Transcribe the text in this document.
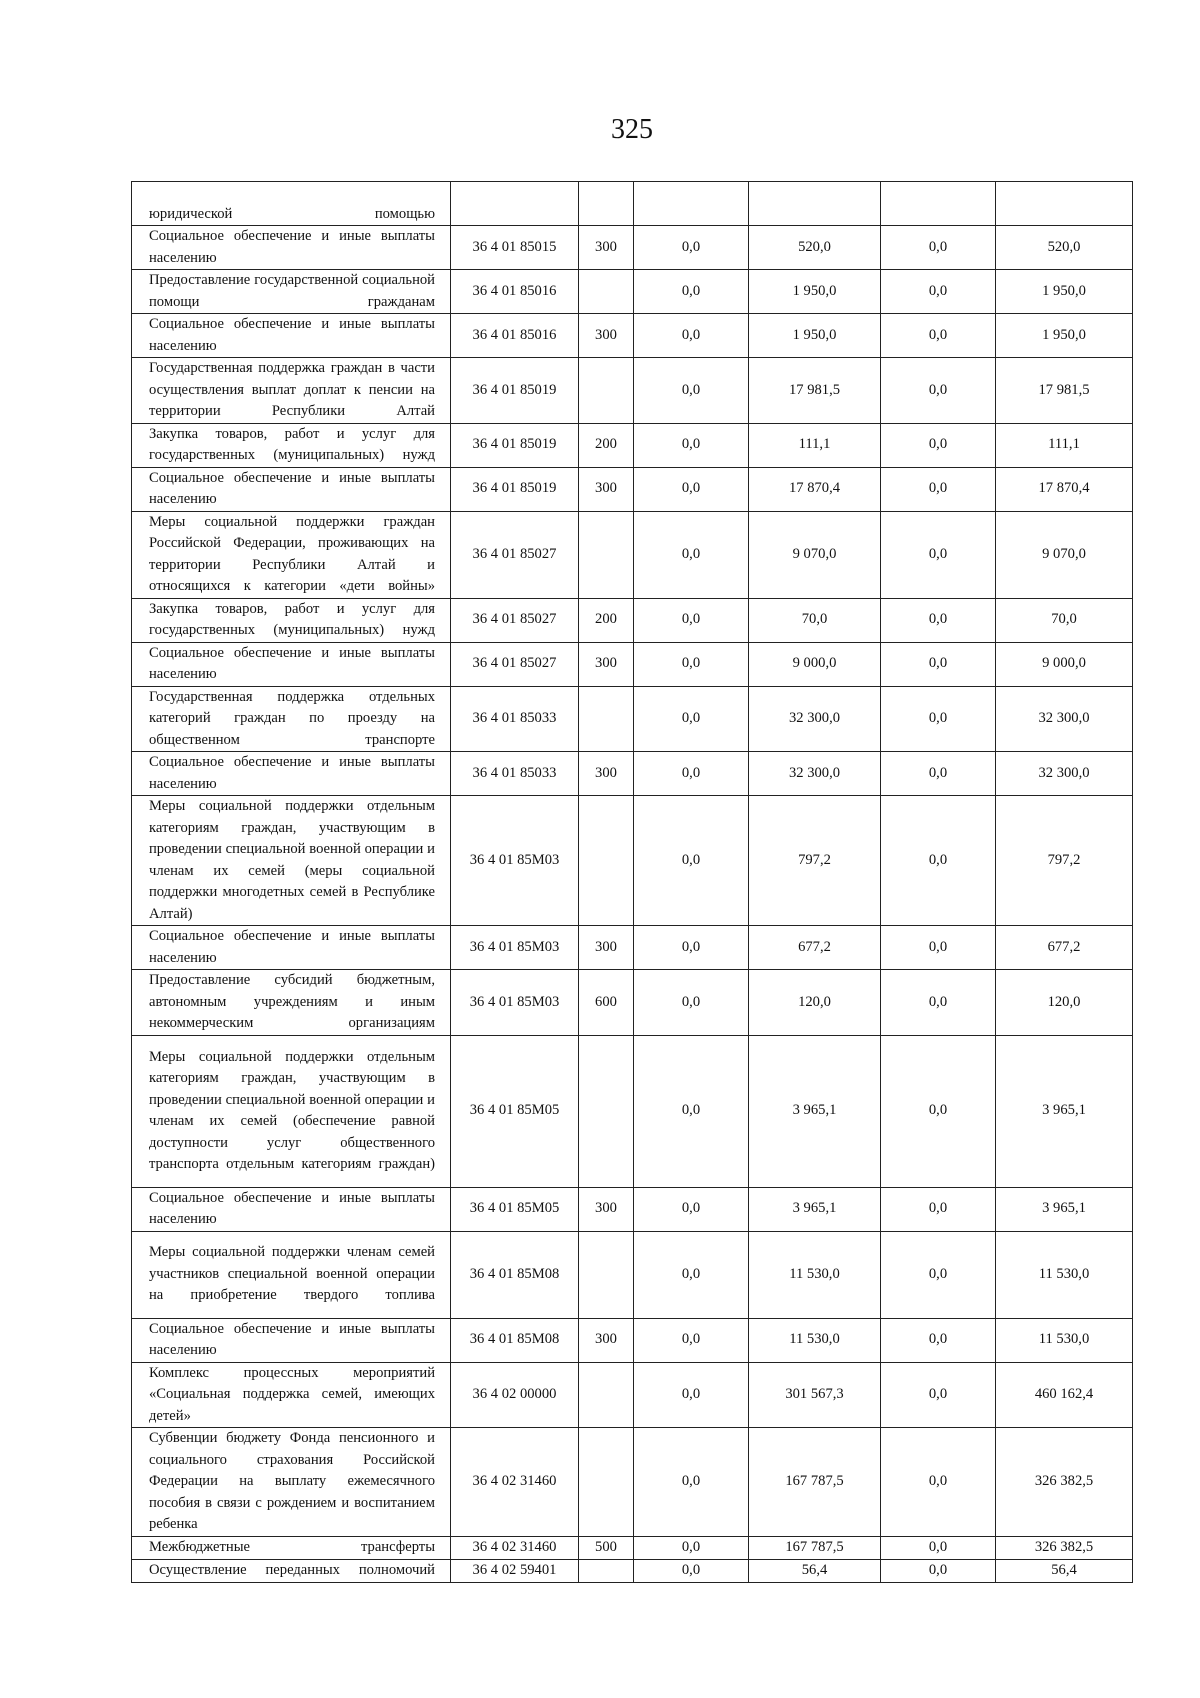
325
юридической помощью						
Социальное обеспечение и иные выплаты населению	36 4 01 85015	300	0,0	520,0	0,0	520,0
Предоставление государственной социальной помощи гражданам	36 4 01 85016		0,0	1 950,0	0,0	1 950,0
Социальное обеспечение и иные выплаты населению	36 4 01 85016	300	0,0	1 950,0	0,0	1 950,0
Государственная поддержка граждан в части осуществления выплат доплат к пенсии на территории Республики Алтай	36 4 01 85019		0,0	17 981,5	0,0	17 981,5
Закупка товаров, работ и услуг для государственных (муниципальных) нужд	36 4 01 85019	200	0,0	111,1	0,0	111,1
Социальное обеспечение и иные выплаты населению	36 4 01 85019	300	0,0	17 870,4	0,0	17 870,4
Меры социальной поддержки граждан Российской Федерации, проживающих на территории Республики Алтай и относящихся к категории «дети войны»	36 4 01 85027		0,0	9 070,0	0,0	9 070,0
Закупка товаров, работ и услуг для государственных (муниципальных) нужд	36 4 01 85027	200	0,0	70,0	0,0	70,0
Социальное обеспечение и иные выплаты населению	36 4 01 85027	300	0,0	9 000,0	0,0	9 000,0
Государственная поддержка отдельных категорий граждан по проезду на общественном транспорте	36 4 01 85033		0,0	32 300,0	0,0	32 300,0
Социальное обеспечение и иные выплаты населению	36 4 01 85033	300	0,0	32 300,0	0,0	32 300,0
Меры социальной поддержки отдельным категориям граждан, участвующим в проведении специальной военной операции и членам их семей (меры социальной поддержки многодетных семей в Республике Алтай)	36 4 01 85М03		0,0	797,2	0,0	797,2
Социальное обеспечение и иные выплаты населению	36 4 01 85М03	300	0,0	677,2	0,0	677,2
Предоставление субсидий бюджетным, автономным учреждениям и иным некоммерческим организациям	36 4 01 85М03	600	0,0	120,0	0,0	120,0
Меры социальной поддержки отдельным категориям граждан, участвующим в проведении специальной военной операции и членам их семей (обеспечение равной доступности услуг общественного транспорта отдельным категориям граждан)	36 4 01 85М05		0,0	3 965,1	0,0	3 965,1
Социальное обеспечение и иные выплаты населению	36 4 01 85М05	300	0,0	3 965,1	0,0	3 965,1
Меры социальной поддержки членам семей участников специальной военной операции на приобретение твердого топлива	36 4 01 85М08		0,0	11 530,0	0,0	11 530,0
Социальное обеспечение и иные выплаты населению	36 4 01 85М08	300	0,0	11 530,0	0,0	11 530,0
Комплекс процессных мероприятий «Социальная поддержка семей, имеющих детей»	36 4 02 00000		0,0	301 567,3	0,0	460 162,4
Субвенции бюджету Фонда пенсионного и социального страхования Российской Федерации на выплату ежемесячного пособия в связи с рождением и воспитанием ребенка	36 4 02 31460		0,0	167 787,5	0,0	326 382,5
Межбюджетные трансферты	36 4 02 31460	500	0,0	167 787,5	0,0	326 382,5
Осуществление переданных полномочий	36 4 02 59401		0,0	56,4	0,0	56,4
